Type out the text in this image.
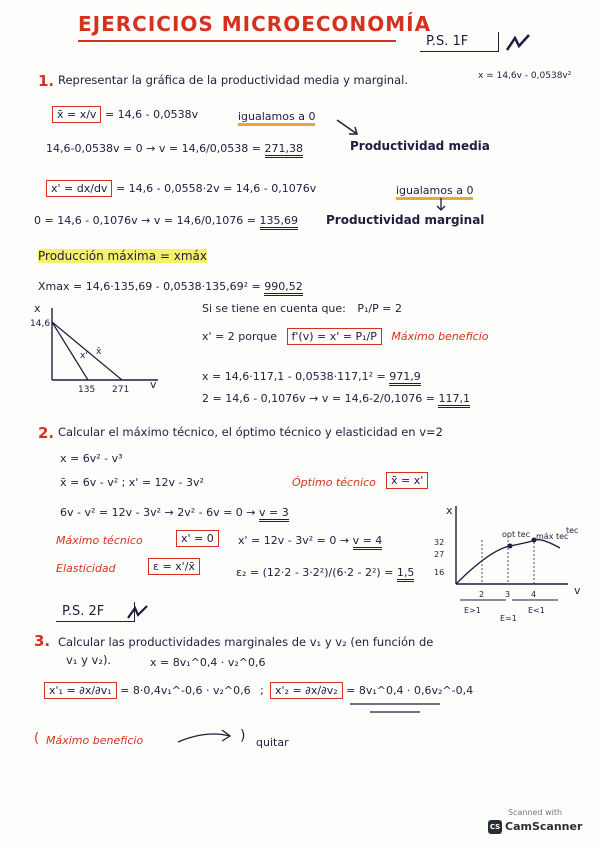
EJERCICIOS MICROECONOMÍA
P.S. 1F
1. Representar la gráfica de la productividad media y marginal.	x = 14,6v - 0,0538v²
x̄ = x/v = 14,6 - 0,0538v	igualamos a 0
14,6-0,0538v = 0 → v = 14,6/0,0538 = 271,38	Productividad media
x' = dx/dv = 14,6 - 0,0558·2v = 14,6 - 0,1076v	igualamos a 0
0 = 14,6 - 0,1076v → v = 14,6/0,1076 = 135,69 Productividad marginal
Producción máxima = xmáx
Xmax = 14,6·135,69 - 0,0538·135,69² = 990,52
Si se tiene en cuenta que: P₁/P = 2
x' = 2 porque f'(v) = x' = P₁/P Máximo beneficio
x = 14,6·117,1 - 0,0538·117,1² = 971,9
2 = 14,6 - 0,1076v → v = 14,6-2/0,1076 = 117,1
x
14,6
x' x̄
135 271 v
2. Calcular el máximo técnico, el óptimo técnico y elasticidad en v=2
x = 6v² - v³
x̄ = 6v - v² ; x' = 12v - 3v²	Óptimo técnico	x̄ = x'
6v - v² = 12v - 3v² → 2v² - 6v = 0 → v = 3
Máximo técnico	x' = 0	x' = 12v - 3v² = 0 → v = 4
Elasticidad	ε = x'/x̄	ε₂ = (12·2 - 3·2²)/(6·2 - 2²) = 1,5
x
32
27
16
2	3	4	v
opt tec máx tec
tec
E>1
E=1
E<1
P.S. 2F
3. Calcular las productividades marginales de v₁ y v₂ (en función de
v₁ y v₂).	x = 8v₁^0,4 · v₂^0,6
x'₁ = ∂x/∂v₁ = 8·0,4v₁^-0,6 · v₂^0,6 ;	x'₂ = ∂x/∂v₂ = 8v₁^0,4 · 0,6v₂^-0,4
( Máximo beneficio	) quitar
Scanned with
CS CamScanner
